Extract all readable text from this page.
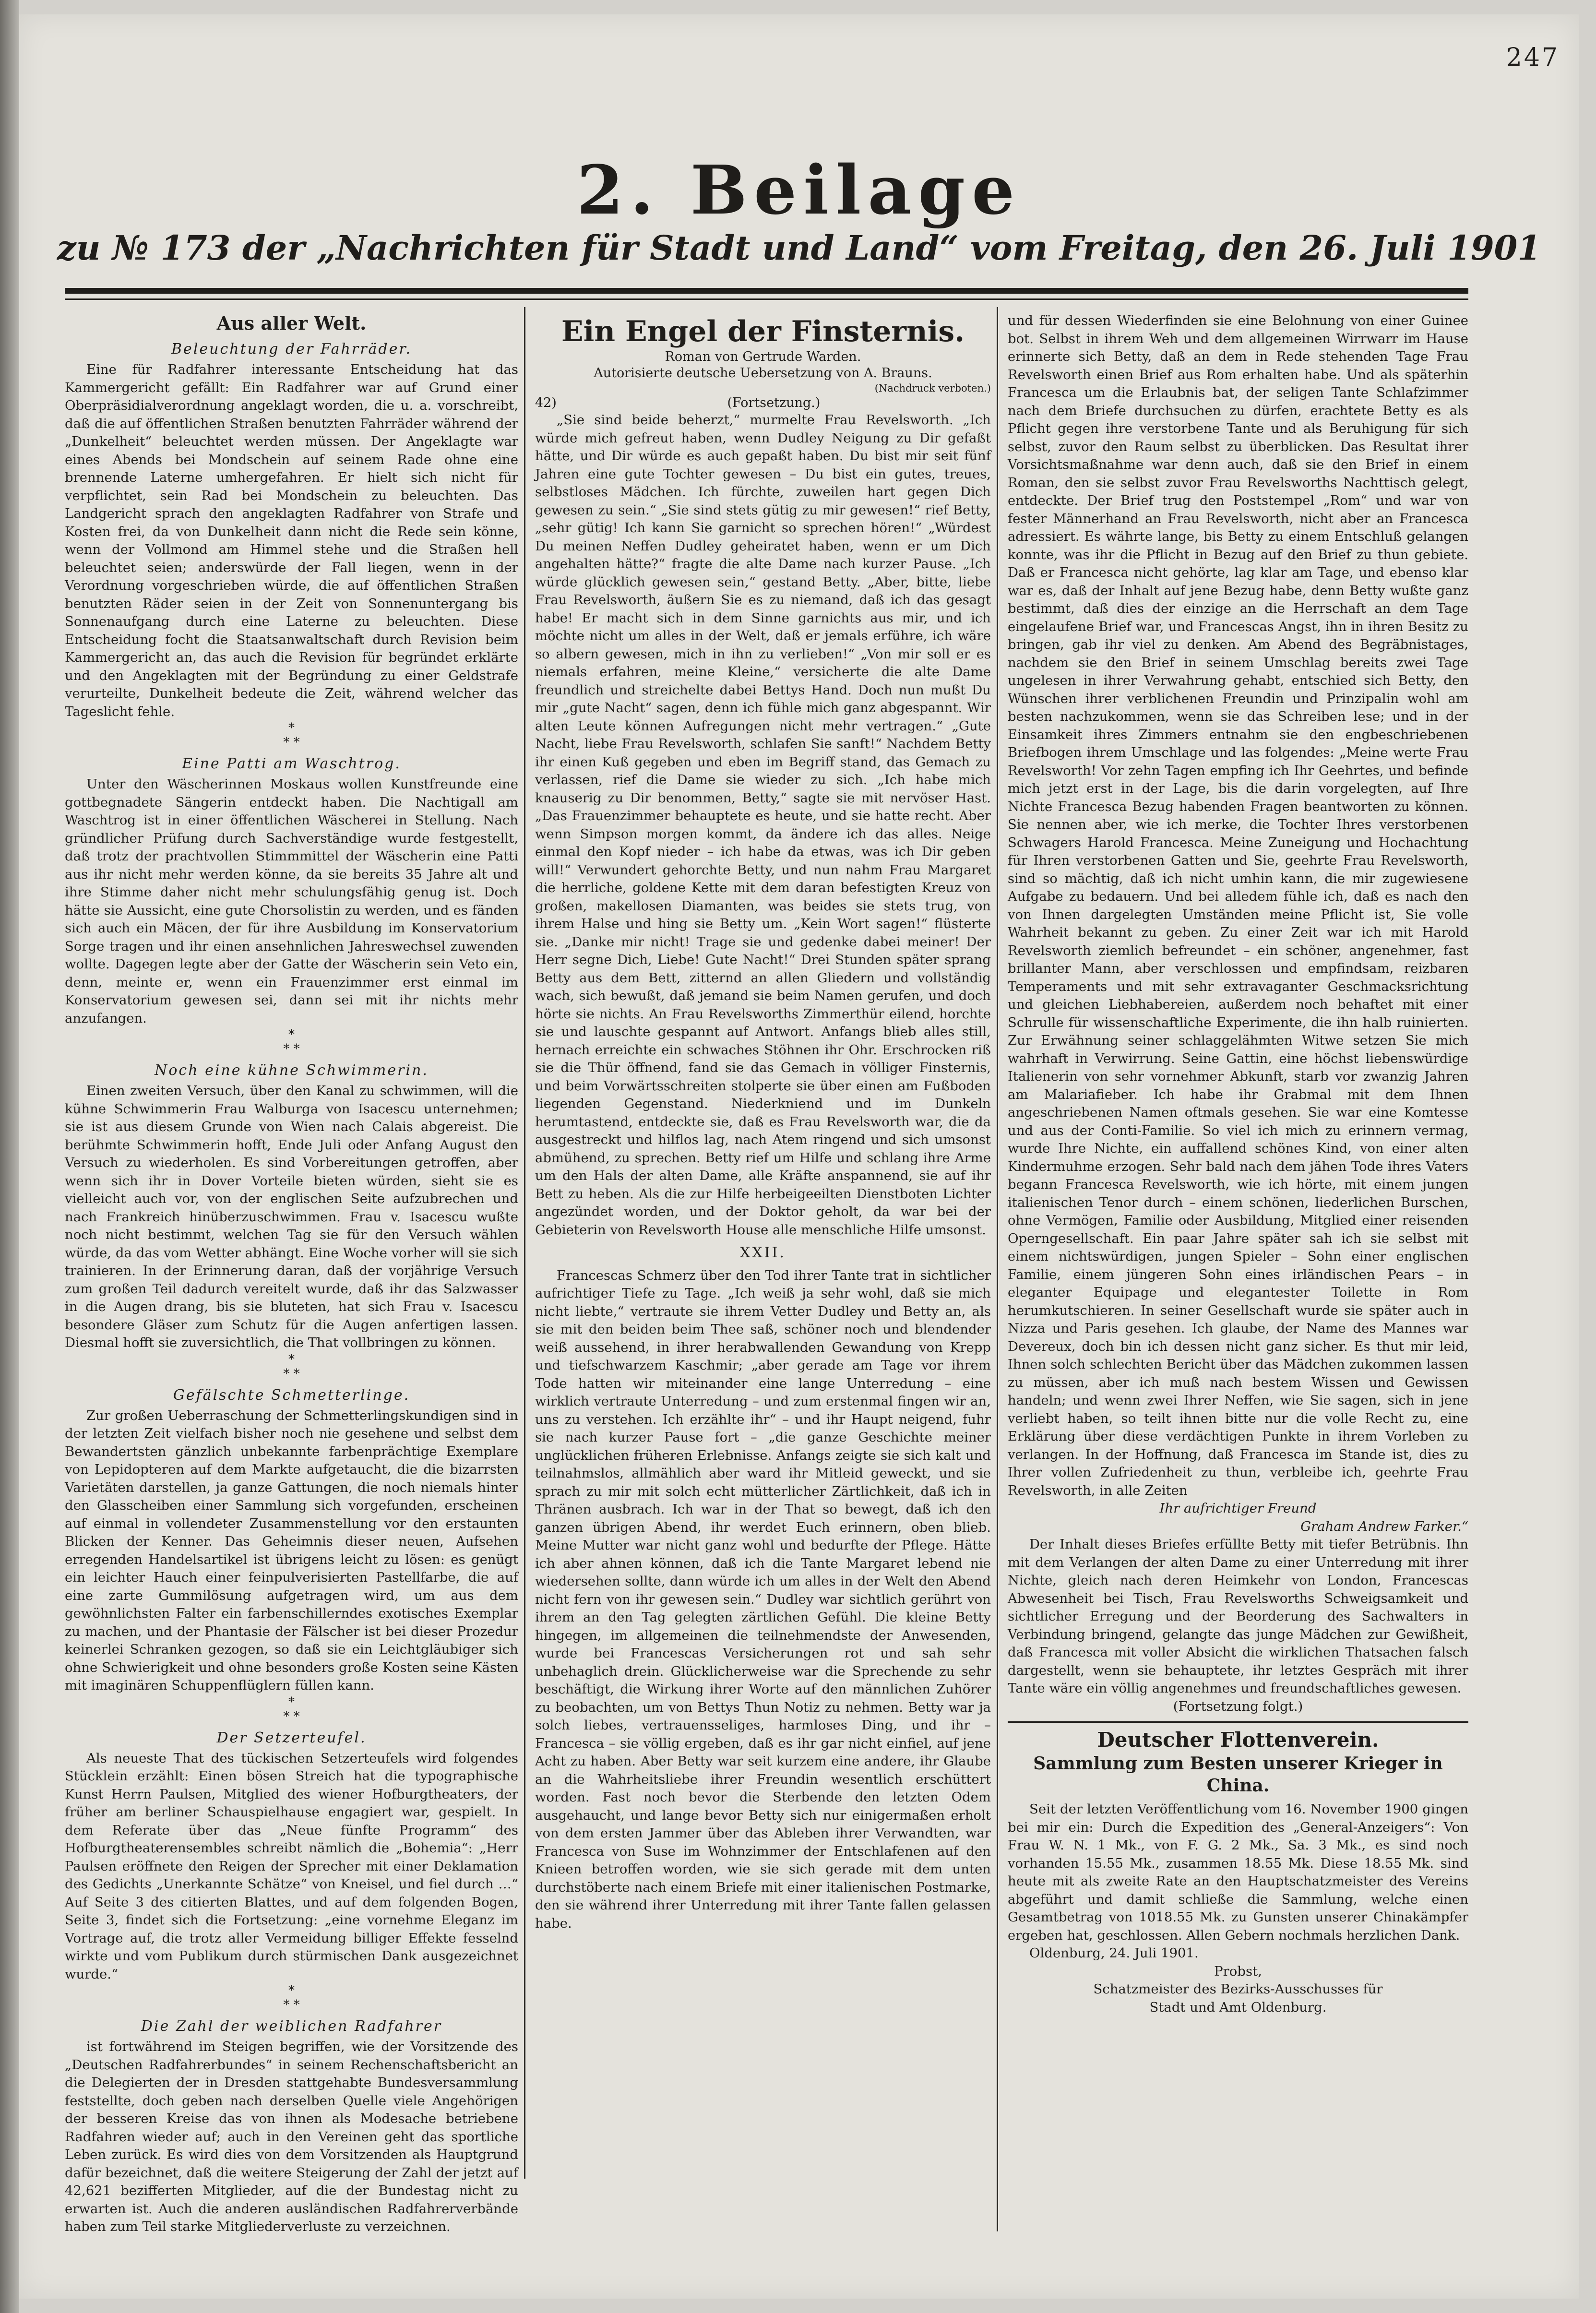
247
2. Beilage
zu № 173 der „Nachrichten für Stadt und Land“ vom Freitag, den 26. Juli 1901
Aus aller Welt.
Beleuchtung der Fahrräder.

Eine für Radfahrer interessante Entscheidung hat das Kammergericht gefällt: Ein Radfahrer war auf Grund einer Oberpräsidialverordnung angeklagt worden, die u. a. vorschreibt, daß die auf öffentlichen Straßen benutzten Fahrräder während der „Dunkelheit“ beleuchtet werden müssen. Der Angeklagte war eines Abends bei Mondschein auf seinem Rade ohne eine brennende Laterne umhergefahren. Er hielt sich nicht für verpflichtet, sein Rad bei Mondschein zu beleuchten. Das Landgericht sprach den angeklagten Radfahrer von Strafe und Kosten frei, da von Dunkelheit dann nicht die Rede sein könne, wenn der Vollmond am Himmel stehe und die Straßen hell beleuchtet seien; anderswürde der Fall liegen, wenn in der Verordnung vorgeschrieben würde, die auf öffentlichen Straßen benutzten Räder seien in der Zeit von Sonnenuntergang bis Sonnenaufgang durch eine Laterne zu beleuchten. Diese Entscheidung focht die Staatsanwaltschaft durch Revision beim Kammergericht an, das auch die Revision für begründet erklärte und den Angeklagten mit der Begründung zu einer Geldstrafe verurteilte, Dunkelheit bedeute die Zeit, während welcher das Tageslicht fehle.

*
* *
Eine Patti am Waschtrog.

Unter den Wäscherinnen Moskaus wollen Kunstfreunde eine gottbegnadete Sängerin entdeckt haben. Die Nachtigall am Waschtrog ist in einer öffentlichen Wäscherei in Stellung. Nach gründlicher Prüfung durch Sachverständige wurde festgestellt, daß trotz der prachtvollen Stimmmittel der Wäscherin eine Patti aus ihr nicht mehr werden könne, da sie bereits 35 Jahre alt und ihre Stimme daher nicht mehr schulungsfähig genug ist. Doch hätte sie Aussicht, eine gute Chorsolistin zu werden, und es fänden sich auch ein Mäcen, der für ihre Ausbildung im Konservatorium Sorge tragen und ihr einen ansehnlichen Jahreswechsel zuwenden wollte. Dagegen legte aber der Gatte der Wäscherin sein Veto ein, denn, meinte er, wenn ein Frauenzimmer erst einmal im Konservatorium gewesen sei, dann sei mit ihr nichts mehr anzufangen.

*
* *
Noch eine kühne Schwimmerin.

Einen zweiten Versuch, über den Kanal zu schwimmen, will die kühne Schwimmerin Frau Walburga von Isacescu unternehmen; sie ist aus diesem Grunde von Wien nach Calais abgereist. Die berühmte Schwimmerin hofft, Ende Juli oder Anfang August den Versuch zu wiederholen. Es sind Vorbereitungen getroffen, aber wenn sich ihr in Dover Vorteile bieten würden, sieht sie es vielleicht auch vor, von der englischen Seite aufzubrechen und nach Frankreich hinüberzuschwimmen. Frau v. Isacescu wußte noch nicht bestimmt, welchen Tag sie für den Versuch wählen würde, da das vom Wetter abhängt. Eine Woche vorher will sie sich trainieren. In der Erinnerung daran, daß der vorjährige Versuch zum großen Teil dadurch vereitelt wurde, daß ihr das Salzwasser in die Augen drang, bis sie bluteten, hat sich Frau v. Isacescu besondere Gläser zum Schutz für die Augen anfertigen lassen. Diesmal hofft sie zuversichtlich, die That vollbringen zu können.

*
* *
Gefälschte Schmetterlinge.

Zur großen Ueberraschung der Schmetterlingskundigen sind in der letzten Zeit vielfach bisher noch nie gesehene und selbst dem Bewandertsten gänzlich unbekannte farbenprächtige Exemplare von Lepidopteren auf dem Markte aufgetaucht, die die bizarrsten Varietäten darstellen, ja ganze Gattungen, die noch niemals hinter den Glasscheiben einer Sammlung sich vorgefunden, erscheinen auf einmal in vollendeter Zusammenstellung vor den erstaunten Blicken der Kenner. Das Geheimnis dieser neuen, Aufsehen erregenden Handelsartikel ist übrigens leicht zu lösen: es genügt ein leichter Hauch einer feinpulverisierten Pastellfarbe, die auf eine zarte Gummilösung aufgetragen wird, um aus dem gewöhnlichsten Falter ein farbenschillerndes exotisches Exemplar zu machen, und der Phantasie der Fälscher ist bei dieser Prozedur keinerlei Schranken gezogen, so daß sie ein Leichtgläubiger sich ohne Schwierigkeit und ohne besonders große Kosten seine Kästen mit imaginären Schuppenflüglern füllen kann.

*
* *
Der Setzerteufel.

Als neueste That des tückischen Setzerteufels wird folgendes Stücklein erzählt: Einen bösen Streich hat die typographische Kunst Herrn Paulsen, Mitglied des wiener Hofburgtheaters, der früher am berliner Schauspielhause engagiert war, gespielt. In dem Referate über das „Neue fünfte Programm“ des Hofburgtheaterensembles schreibt nämlich die „Bohemia“: „Herr Paulsen eröffnete den Reigen der Sprecher mit einer Deklamation des Gedichts „Unerkannte Schätze“ von Kneisel, und fiel durch …“ Auf Seite 3 des citierten Blattes, und auf dem folgenden Bogen, Seite 3, findet sich die Fortsetzung: „eine vornehme Eleganz im Vortrage auf, die trotz aller Vermeidung billiger Effekte fesselnd wirkte und vom Publikum durch stürmischen Dank ausgezeichnet wurde.“

*
* *
Die Zahl der weiblichen Radfahrer

ist fortwährend im Steigen begriffen, wie der Vorsitzende des „Deutschen Radfahrerbundes“ in seinem Rechenschaftsbericht an die Delegierten der in Dresden stattgehabte Bundesversammlung feststellte, doch geben nach derselben Quelle viele Angehörigen der besseren Kreise das von ihnen als Modesache betriebene Radfahren wieder auf; auch in den Vereinen geht das sportliche Leben zurück. Es wird dies von dem Vorsitzenden als Hauptgrund dafür bezeichnet, daß die weitere Steigerung der Zahl der jetzt auf 42,621 bezifferten Mitglieder, auf die der Bundestag nicht zu erwarten ist. Auch die anderen ausländischen Radfahrerverbände haben zum Teil starke Mitgliederverluste zu verzeichnen.

Ein Engel der Finsternis.
Roman von Gertrude Warden.
Autorisierte deutsche Uebersetzung von A. Brauns.
(Nachdruck verboten.)
42)	(Fortsetzung.)

„Sie sind beide beherzt,“ murmelte Frau Revelsworth. „Ich würde mich gefreut haben, wenn Dudley Neigung zu Dir gefaßt hätte, und Dir würde es auch gepaßt haben. Du bist mir seit fünf Jahren eine gute Tochter gewesen – Du bist ein gutes, treues, selbstloses Mädchen. Ich fürchte, zuweilen hart gegen Dich gewesen zu sein.“ „Sie sind stets gütig zu mir gewesen!“ rief Betty, „sehr gütig! Ich kann Sie garnicht so sprechen hören!“ „Würdest Du meinen Neffen Dudley geheiratet haben, wenn er um Dich angehalten hätte?“ fragte die alte Dame nach kurzer Pause. „Ich würde glücklich gewesen sein,“ gestand Betty. „Aber, bitte, liebe Frau Revelsworth, äußern Sie es zu niemand, daß ich das gesagt habe! Er macht sich in dem Sinne garnichts aus mir, und ich möchte nicht um alles in der Welt, daß er jemals erführe, ich wäre so albern gewesen, mich in ihn zu verlieben!“ „Von mir soll er es niemals erfahren, meine Kleine,“ versicherte die alte Dame freundlich und streichelte dabei Bettys Hand. Doch nun mußt Du mir „gute Nacht“ sagen, denn ich fühle mich ganz abgespannt. Wir alten Leute können Aufregungen nicht mehr vertragen.“ „Gute Nacht, liebe Frau Revelsworth, schlafen Sie sanft!“ Nachdem Betty ihr einen Kuß gegeben und eben im Begriff stand, das Gemach zu verlassen, rief die Dame sie wieder zu sich. „Ich habe mich knauserig zu Dir benommen, Betty,“ sagte sie mit nervöser Hast. „Das Frauenzimmer behauptete es heute, und sie hatte recht. Aber wenn Simpson morgen kommt, da ändere ich das alles. Neige einmal den Kopf nieder – ich habe da etwas, was ich Dir geben will!“ Verwundert gehorchte Betty, und nun nahm Frau Margaret die herrliche, goldene Kette mit dem daran befestigten Kreuz von großen, makellosen Diamanten, was beides sie stets trug, von ihrem Halse und hing sie Betty um. „Kein Wort sagen!“ flüsterte sie. „Danke mir nicht! Trage sie und gedenke dabei meiner! Der Herr segne Dich, Liebe! Gute Nacht!“ Drei Stunden später sprang Betty aus dem Bett, zitternd an allen Gliedern und vollständig wach, sich bewußt, daß jemand sie beim Namen gerufen, und doch hörte sie nichts. An Frau Revelsworths Zimmerthür eilend, horchte sie und lauschte gespannt auf Antwort. Anfangs blieb alles still, hernach erreichte ein schwaches Stöhnen ihr Ohr. Erschrocken riß sie die Thür öffnend, fand sie das Gemach in völliger Finsternis, und beim Vorwärtsschreiten stolperte sie über einen am Fußboden liegenden Gegenstand. Niederkniend und im Dunkeln herumtastend, entdeckte sie, daß es Frau Revelsworth war, die da ausgestreckt und hilflos lag, nach Atem ringend und sich umsonst abmühend, zu sprechen. Betty rief um Hilfe und schlang ihre Arme um den Hals der alten Dame, alle Kräfte anspannend, sie auf ihr Bett zu heben. Als die zur Hilfe herbeigeeilten Dienstboten Lichter angezündet worden, und der Doktor geholt, da war bei der Gebieterin von Revelsworth House alle menschliche Hilfe umsonst.

XXII.

Francescas Schmerz über den Tod ihrer Tante trat in sichtlicher aufrichtiger Tiefe zu Tage. „Ich weiß ja sehr wohl, daß sie mich nicht liebte,“ vertraute sie ihrem Vetter Dudley und Betty an, als sie mit den beiden beim Thee saß, schöner noch und blendender weiß aussehend, in ihrer herabwallenden Gewandung von Krepp und tiefschwarzem Kaschmir; „aber gerade am Tage vor ihrem Tode hatten wir miteinander eine lange Unterredung – eine wirklich vertraute Unterredung – und zum erstenmal fingen wir an, uns zu verstehen. Ich erzählte ihr“ – und ihr Haupt neigend, fuhr sie nach kurzer Pause fort – „die ganze Geschichte meiner unglücklichen früheren Erlebnisse. Anfangs zeigte sie sich kalt und teilnahmslos, allmählich aber ward ihr Mitleid geweckt, und sie sprach zu mir mit solch echt mütterlicher Zärtlichkeit, daß ich in Thränen ausbrach. Ich war in der That so bewegt, daß ich den ganzen übrigen Abend, ihr werdet Euch erinnern, oben blieb. Meine Mutter war nicht ganz wohl und bedurfte der Pflege. Hätte ich aber ahnen können, daß ich die Tante Margaret lebend nie wiedersehen sollte, dann würde ich um alles in der Welt den Abend nicht fern von ihr gewesen sein.“ Dudley war sichtlich gerührt von ihrem an den Tag gelegten zärtlichen Gefühl. Die kleine Betty hingegen, im allgemeinen die teilnehmendste der Anwesenden, wurde bei Francescas Versicherungen rot und sah sehr unbehaglich drein. Glücklicherweise war die Sprechende zu sehr beschäftigt, die Wirkung ihrer Worte auf den männlichen Zuhörer zu beobachten, um von Bettys Thun Notiz zu nehmen. Betty war ja solch liebes, vertrauensseliges, harmloses Ding, und ihr – Francesca – sie völlig ergeben, daß es ihr gar nicht einfiel, auf jene Acht zu haben. Aber Betty war seit kurzem eine andere, ihr Glaube an die Wahrheitsliebe ihrer Freundin wesentlich erschüttert worden. Fast noch bevor die Sterbende den letzten Odem ausgehaucht, und lange bevor Betty sich nur einigermaßen erholt von dem ersten Jammer über das Ableben ihrer Verwandten, war Francesca von Suse im Wohnzimmer der Entschlafenen auf den Knieen betroffen worden, wie sie sich gerade mit dem unten durchstöberte nach einem Briefe mit einer italienischen Postmarke, den sie während ihrer Unterredung mit ihrer Tante fallen gelassen habe.

und für dessen Wiederfinden sie eine Belohnung von einer Guinee bot. Selbst in ihrem Weh und dem allgemeinen Wirrwarr im Hause erinnerte sich Betty, daß an dem in Rede stehenden Tage Frau Revelsworth einen Brief aus Rom erhalten habe. Und als späterhin Francesca um die Erlaubnis bat, der seligen Tante Schlafzimmer nach dem Briefe durchsuchen zu dürfen, erachtete Betty es als Pflicht gegen ihre verstorbene Tante und als Beruhigung für sich selbst, zuvor den Raum selbst zu überblicken. Das Resultat ihrer Vorsichtsmaßnahme war denn auch, daß sie den Brief in einem Roman, den sie selbst zuvor Frau Revelsworths Nachttisch gelegt, entdeckte. Der Brief trug den Poststempel „Rom“ und war von fester Männerhand an Frau Revelsworth, nicht aber an Francesca adressiert. Es währte lange, bis Betty zu einem Entschluß gelangen konnte, was ihr die Pflicht in Bezug auf den Brief zu thun gebiete. Daß er Francesca nicht gehörte, lag klar am Tage, und ebenso klar war es, daß der Inhalt auf jene Bezug habe, denn Betty wußte ganz bestimmt, daß dies der einzige an die Herrschaft an dem Tage eingelaufene Brief war, und Francescas Angst, ihn in ihren Besitz zu bringen, gab ihr viel zu denken. Am Abend des Begräbnistages, nachdem sie den Brief in seinem Umschlag bereits zwei Tage ungelesen in ihrer Verwahrung gehabt, entschied sich Betty, den Wünschen ihrer verblichenen Freundin und Prinzipalin wohl am besten nachzukommen, wenn sie das Schreiben lese; und in der Einsamkeit ihres Zimmers entnahm sie den engbeschriebenen Briefbogen ihrem Umschlage und las folgendes: „Meine werte Frau Revelsworth! Vor zehn Tagen empfing ich Ihr Geehrtes, und befinde mich jetzt erst in der Lage, bis die darin vorgelegten, auf Ihre Nichte Francesca Bezug habenden Fragen beantworten zu können. Sie nennen aber, wie ich merke, die Tochter Ihres verstorbenen Schwagers Harold Francesca. Meine Zuneigung und Hochachtung für Ihren verstorbenen Gatten und Sie, geehrte Frau Revelsworth, sind so mächtig, daß ich nicht umhin kann, die mir zugewiesene Aufgabe zu bedauern. Und bei alledem fühle ich, daß es nach den von Ihnen dargelegten Umständen meine Pflicht ist, Sie volle Wahrheit bekannt zu geben. Zu einer Zeit war ich mit Harold Revelsworth ziemlich befreundet – ein schöner, angenehmer, fast brillanter Mann, aber verschlossen und empfindsam, reizbaren Temperaments und mit sehr extravaganter Geschmacksrichtung und gleichen Liebhabereien, außerdem noch behaftet mit einer Schrulle für wissenschaftliche Experimente, die ihn halb ruinierten. Zur Erwähnung seiner schlaggelähmten Witwe setzen Sie mich wahrhaft in Verwirrung. Seine Gattin, eine höchst liebenswürdige Italienerin von sehr vornehmer Abkunft, starb vor zwanzig Jahren am Malariafieber. Ich habe ihr Grabmal mit dem Ihnen angeschriebenen Namen oftmals gesehen. Sie war eine Komtesse und aus der Conti-Familie. So viel ich mich zu erinnern vermag, wurde Ihre Nichte, ein auffallend schönes Kind, von einer alten Kindermuhme erzogen. Sehr bald nach dem jähen Tode ihres Vaters begann Francesca Revelsworth, wie ich hörte, mit einem jungen italienischen Tenor durch – einem schönen, liederlichen Burschen, ohne Vermögen, Familie oder Ausbildung, Mitglied einer reisenden Operngesellschaft. Ein paar Jahre später sah ich sie selbst mit einem nichtswürdigen, jungen Spieler – Sohn einer englischen Familie, einem jüngeren Sohn eines irländischen Pears – in eleganter Equipage und elegantester Toilette in Rom herumkutschieren. In seiner Gesellschaft wurde sie später auch in Nizza und Paris gesehen. Ich glaube, der Name des Mannes war Devereux, doch bin ich dessen nicht ganz sicher. Es thut mir leid, Ihnen solch schlechten Bericht über das Mädchen zukommen lassen zu müssen, aber ich muß nach bestem Wissen und Gewissen handeln; und wenn zwei Ihrer Neffen, wie Sie sagen, sich in jene verliebt haben, so teilt ihnen bitte nur die volle Recht zu, eine Erklärung über diese verdächtigen Punkte in ihrem Vorleben zu verlangen. In der Hoffnung, daß Francesca im Stande ist, dies zu Ihrer vollen Zufriedenheit zu thun, verbleibe ich, geehrte Frau Revelsworth, in alle Zeiten

Ihr aufrichtiger Freund
Graham Andrew Farker.“

Der Inhalt dieses Briefes erfüllte Betty mit tiefer Betrübnis. Ihn mit dem Verlangen der alten Dame zu einer Unterredung mit ihrer Nichte, gleich nach deren Heimkehr von London, Francescas Abwesenheit bei Tisch, Frau Revelsworths Schweigsamkeit und sichtlicher Erregung und der Beorderung des Sachwalters in Verbindung bringend, gelangte das junge Mädchen zur Gewißheit, daß Francesca mit voller Absicht die wirklichen Thatsachen falsch dargestellt, wenn sie behauptete, ihr letztes Gespräch mit ihrer Tante wäre ein völlig angenehmes und freundschaftliches gewesen.

(Fortsetzung folgt.)
Deutscher Flottenverein.
Sammlung zum Besten unserer Krieger in China.

Seit der letzten Veröffentlichung vom 16. November 1900 gingen bei mir ein: Durch die Expedition des „General-Anzeigers“: Von Frau W. N. 1 Mk., von F. G. 2 Mk., Sa. 3 Mk., es sind noch vorhanden 15.55 Mk., zusammen 18.55 Mk. Diese 18.55 Mk. sind heute mit als zweite Rate an den Hauptschatzmeister des Vereins abgeführt und damit schließe die Sammlung, welche einen Gesamtbetrag von 1018.55 Mk. zu Gunsten unserer Chinakämpfer ergeben hat, geschlossen. Allen Gebern nochmals herzlichen Dank.

Oldenburg, 24. Juli 1901.
Probst,
Schatzmeister des Bezirks-Ausschusses für
Stadt und Amt Oldenburg.
